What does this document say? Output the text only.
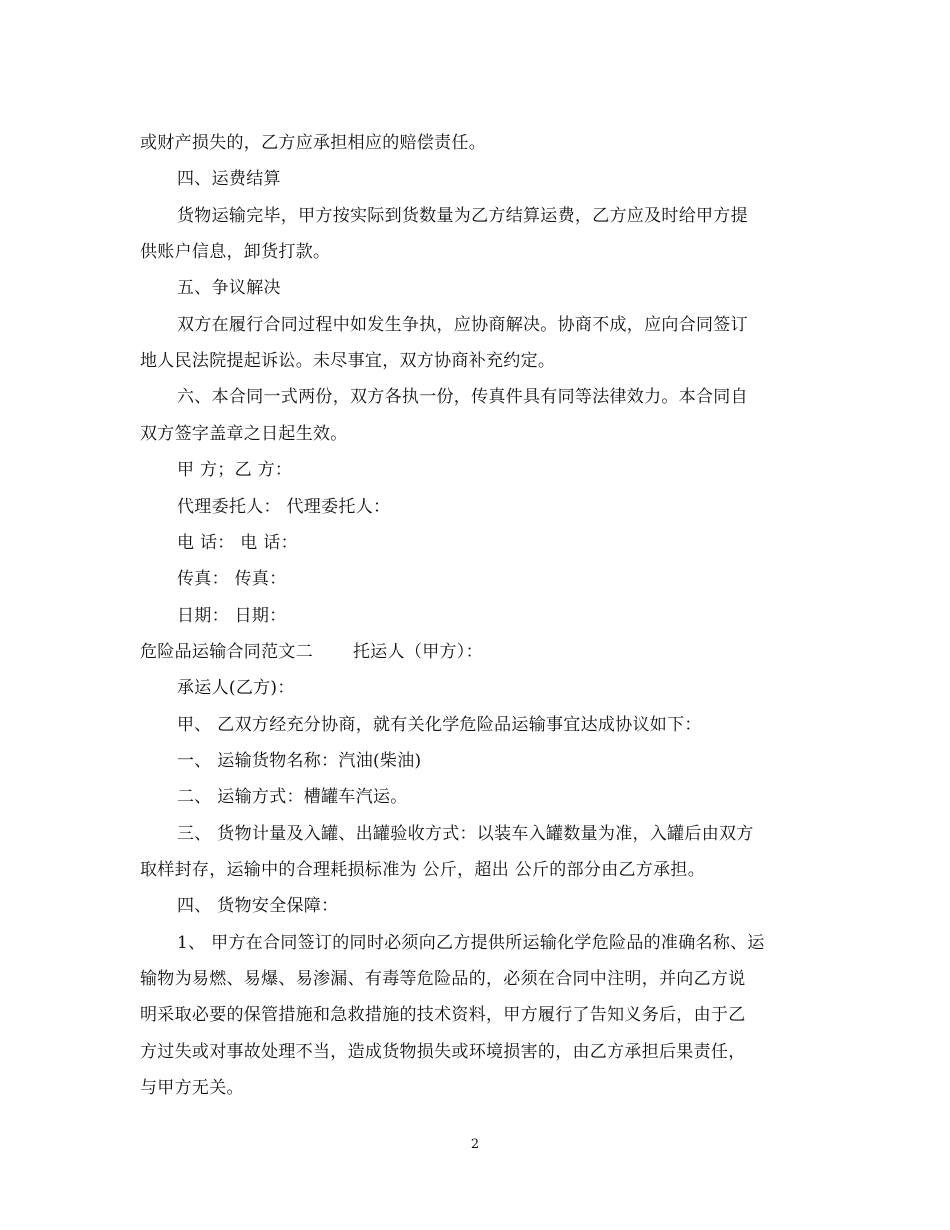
或财产损失的，乙方应承担相应的赔偿责任。
四、运费结算
货物运输完毕，甲方按实际到货数量为乙方结算运费，乙方应及时给甲方提
供账户信息，卸货打款。
五、争议解决
双方在履行合同过程中如发生争执，应协商解决。协商不成，应向合同签订
地人民法院提起诉讼。未尽事宜，双方协商补充约定。
六、本合同一式两份，双方各执一份，传真件具有同等法律效力。本合同自
双方签字盖章之日起生效。
甲 方；乙 方：
代理委托人： 代理委托人：
电 话： 电 话：
传真： 传真：
日期： 日期：
危险品运输合同范文二 托运人（甲方）：
承运人(乙方)：
甲、 乙双方经充分协商，就有关化学危险品运输事宜达成协议如下：
一、 运输货物名称：汽油(柴油)
二、 运输方式：槽罐车汽运。
三、 货物计量及入罐、出罐验收方式：以装车入罐数量为准，入罐后由双方
取样封存，运输中的合理耗损标准为 公斤，超出 公斤的部分由乙方承担。
四、 货物安全保障：
1、 甲方在合同签订的同时必须向乙方提供所运输化学危险品的准确名称、运
输物为易燃、易爆、易渗漏、有毒等危险品的，必须在合同中注明，并向乙方说
明采取必要的保管措施和急救措施的技术资料，甲方履行了告知义务后，由于乙
方过失或对事故处理不当，造成货物损失或环境损害的，由乙方承担后果责任，
与甲方无关。
2
